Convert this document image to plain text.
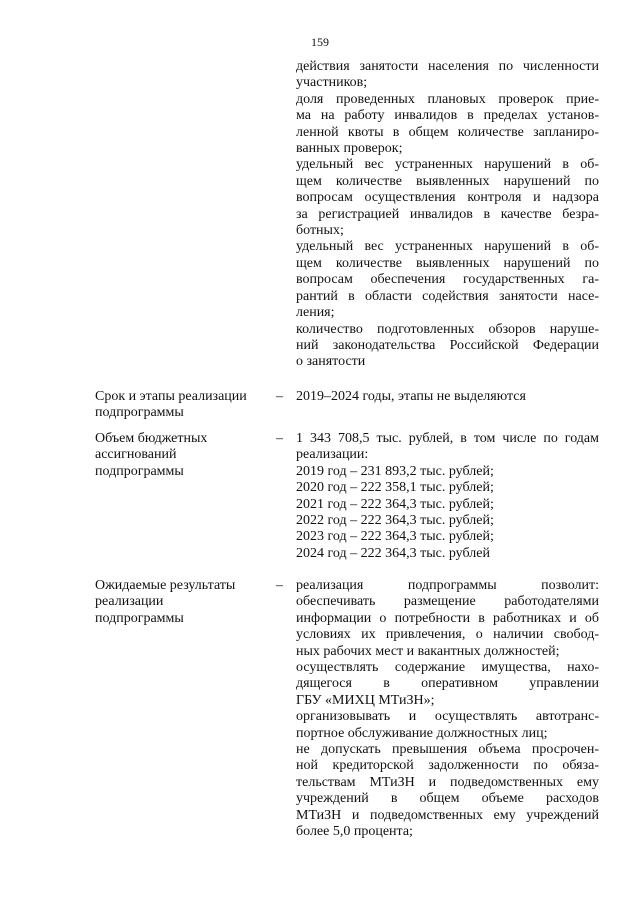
159
действия занятости населения по численности
участников;
доля проведенных плановых проверок прие-
ма на работу инвалидов в пределах установ-
ленной квоты в общем количестве запланиро-
ванных проверок;
удельный вес устраненных нарушений в об-
щем количестве выявленных нарушений по
вопросам осуществления контроля и надзора
за регистрацией инвалидов в качестве безра-
ботных;
удельный вес устраненных нарушений в об-
щем количестве выявленных нарушений по
вопросам обеспечения государственных га-
рантий в области содействия занятости насе-
ления;
количество подготовленных обзоров наруше-
ний законодательства Российской Федерации
о занятости
Срок и этапы реализации
подпрограммы
– 2019–2024 годы, этапы не выделяются
Объем бюджетных
ассигнований
подпрограммы
– 1 343 708,5 тыс. рублей, в том числе по годам
реализации:
2019 год – 231 893,2 тыс. рублей;
2020 год – 222 358,1 тыс. рублей;
2021 год – 222 364,3 тыс. рублей;
2022 год – 222 364,3 тыс. рублей;
2023 год – 222 364,3 тыс. рублей;
2024 год – 222 364,3 тыс. рублей
Ожидаемые результаты
реализации
подпрограммы
– реализация подпрограммы позволит:
обеспечивать размещение работодателями
информации о потребности в работниках и об
условиях их привлечения, о наличии свобод-
ных рабочих мест и вакантных должностей;
осуществлять содержание имущества, нахо-
дящегося в оперативном управлении
ГБУ «МИХЦ МТиЗН»;
организовывать и осуществлять автотранс-
портное обслуживание должностных лиц;
не допускать превышения объема просрочен-
ной кредиторской задолженности по обяза-
тельствам МТиЗН и подведомственных ему
учреждений в общем объеме расходов
МТиЗН и подведомственных ему учреждений
более 5,0 процента;
